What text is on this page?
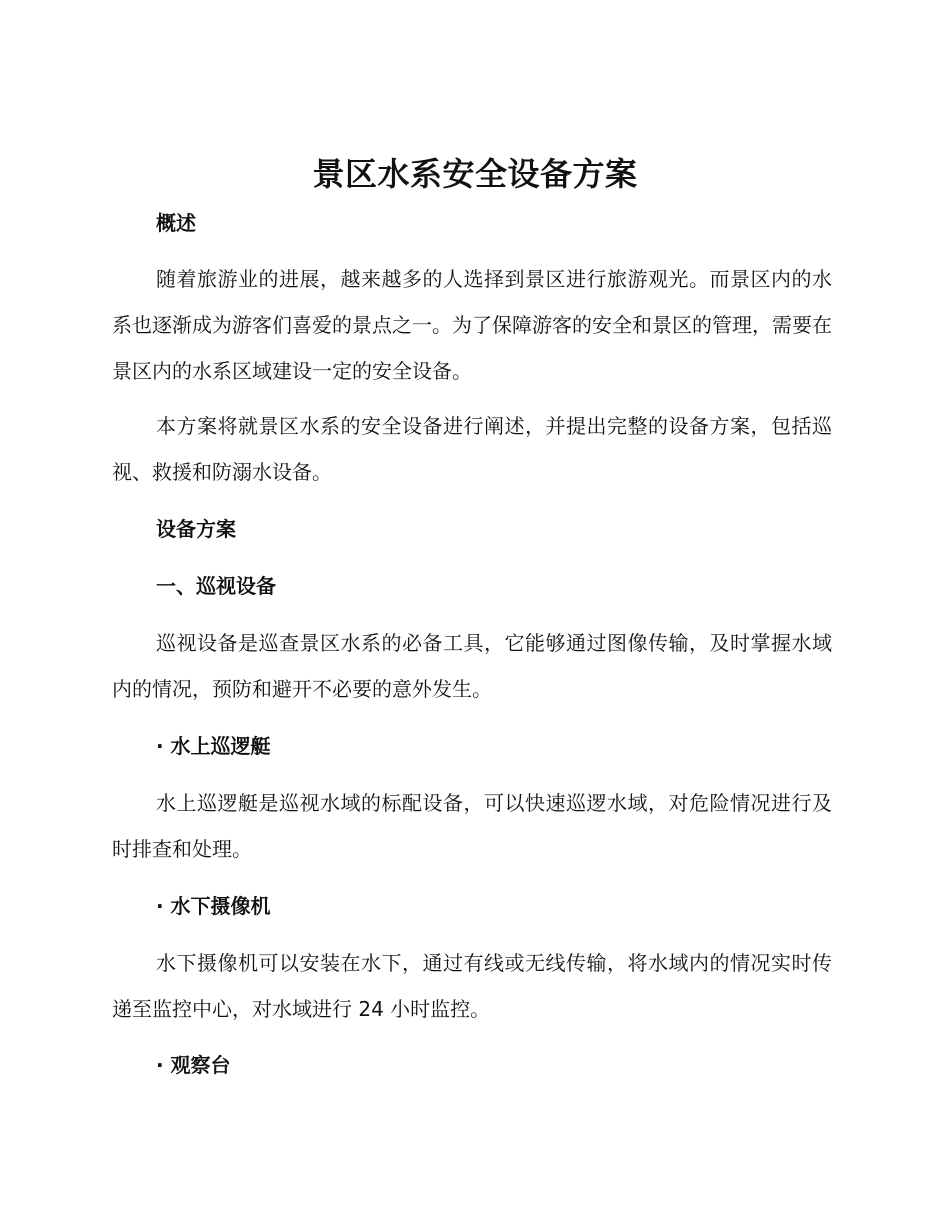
景区水系安全设备方案
概述
随着旅游业的进展，越来越多的人选择到景区进行旅游观光。而景区内的水系也逐渐成为游客们喜爱的景点之一。为了保障游客的安全和景区的管理，需要在景区内的水系区域建设一定的安全设备。
本方案将就景区水系的安全设备进行阐述，并提出完整的设备方案，包括巡视、救援和防溺水设备。
设备方案
一、巡视设备
巡视设备是巡查景区水系的必备工具，它能够通过图像传输，及时掌握水域内的情况，预防和避开不必要的意外发生。
· 水上巡逻艇
水上巡逻艇是巡视水域的标配设备，可以快速巡逻水域，对危险情况进行及时排查和处理。
· 水下摄像机
水下摄像机可以安装在水下，通过有线或无线传输，将水域内的情况实时传递至监控中心，对水域进行 24 小时监控。
· 观察台
